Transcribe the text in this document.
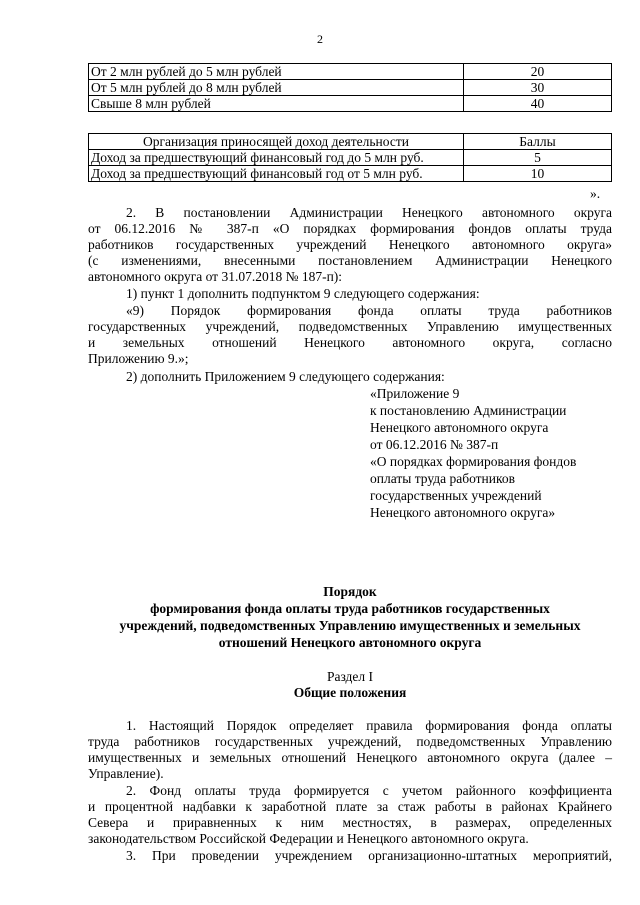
2
От 2 млн рублей до 5 млн рублей	20
От 5 млн рублей до 8 млн рублей	30
Свыше 8 млн рублей	40
Организация приносящей доход деятельности	Баллы
Доход за предшествующий финансовый год до 5 млн руб.	5
Доход за предшествующий финансовый год от 5 млн руб.	10
».
2. В постановлении Администрации Ненецкого автономного округа
от 06.12.2016 № 387-п «О порядках формирования фондов оплаты труда
работников государственных учреждений Ненецкого автономного округа»
(с изменениями, внесенными постановлением Администрации Ненецкого
автономного округа от 31.07.2018 № 187-п):
1) пункт 1 дополнить подпунктом 9 следующего содержания:
«9) Порядок формирования фонда оплаты труда работников
государственных учреждений, подведомственных Управлению имущественных
и земельных отношений Ненецкого автономного округа, согласно
Приложению 9.»;
2) дополнить Приложением 9 следующего содержания:
«Приложение 9
к постановлению Администрации
Ненецкого автономного округа
от 06.12.2016 № 387-п
«О порядках формирования фондов
оплаты труда работников
государственных учреждений
Ненецкого автономного округа»
Порядок
формирования фонда оплаты труда работников государственных
учреждений, подведомственных Управлению имущественных и земельных
отношений Ненецкого автономного округа
Раздел I
Общие положения
1. Настоящий Порядок определяет правила формирования фонда оплаты
труда работников государственных учреждений, подведомственных Управлению
имущественных и земельных отношений Ненецкого автономного округа (далее –
Управление).
2. Фонд оплаты труда формируется с учетом районного коэффициента
и процентной надбавки к заработной плате за стаж работы в районах Крайнего
Севера и приравненных к ним местностях, в размерах, определенных
законодательством Российской Федерации и Ненецкого автономного округа.
3. При проведении учреждением организационно-штатных мероприятий,
